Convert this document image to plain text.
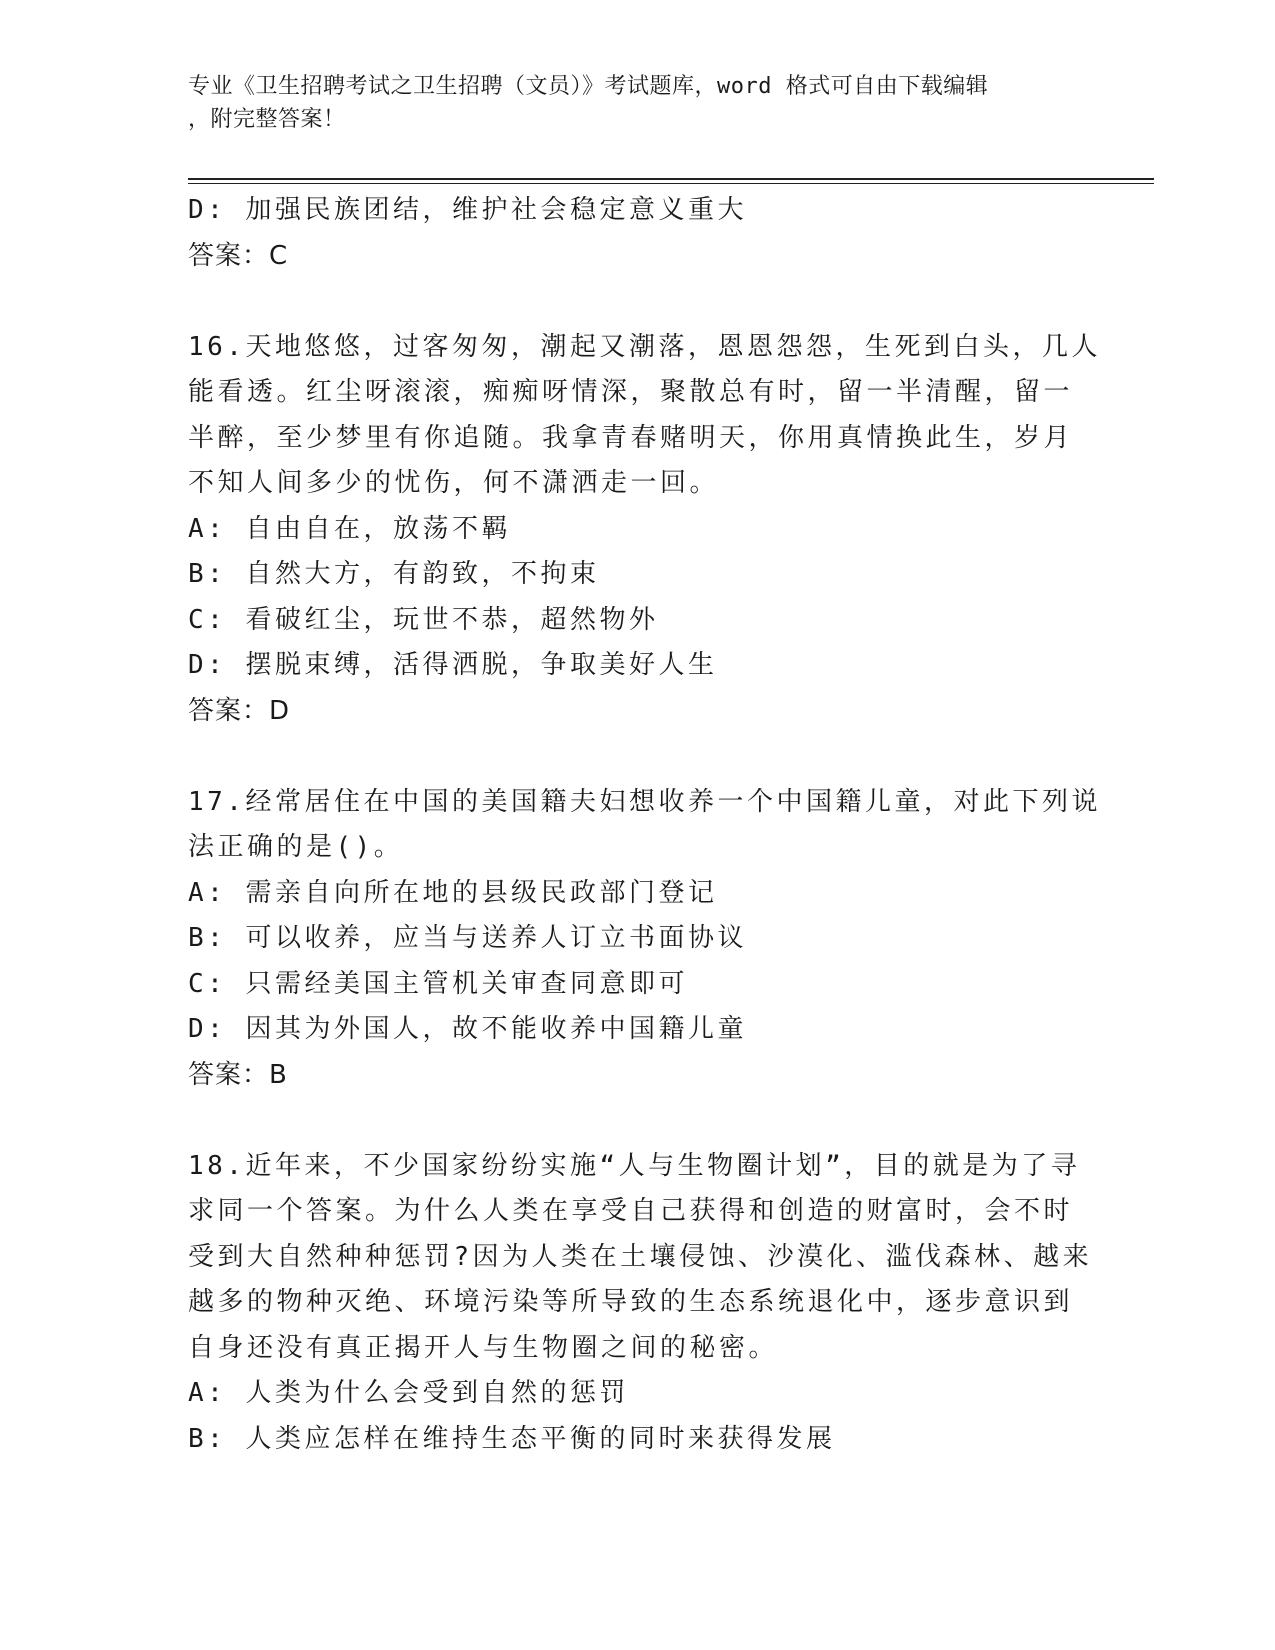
专业《卫生招聘考试之卫生招聘（文员）》考试题库，word 格式可自由下载编辑
，附完整答案！
D: 加强民族团结，维护社会稳定意义重大
答案：C
16.天地悠悠，过客匆匆，潮起又潮落，恩恩怨怨，生死到白头，几人
能看透。红尘呀滚滚，痴痴呀情深，聚散总有时，留一半清醒，留一
半醉，至少梦里有你追随。我拿青春赌明天，你用真情换此生，岁月
不知人间多少的忧伤，何不潇洒走一回。
A: 自由自在，放荡不羁
B: 自然大方，有韵致，不拘束
C: 看破红尘，玩世不恭，超然物外
D: 摆脱束缚，活得洒脱，争取美好人生
答案：D
17.经常居住在中国的美国籍夫妇想收养一个中国籍儿童，对此下列说
法正确的是()。
A: 需亲自向所在地的县级民政部门登记
B: 可以收养，应当与送养人订立书面协议
C: 只需经美国主管机关审查同意即可
D: 因其为外国人，故不能收养中国籍儿童
答案：B
18.近年来，不少国家纷纷实施“人与生物圈计划”，目的就是为了寻
求同一个答案。为什么人类在享受自己获得和创造的财富时，会不时
受到大自然种种惩罚?因为人类在土壤侵蚀、沙漠化、滥伐森林、越来
越多的物种灭绝、环境污染等所导致的生态系统退化中，逐步意识到
自身还没有真正揭开人与生物圈之间的秘密。
A: 人类为什么会受到自然的惩罚
B: 人类应怎样在维持生态平衡的同时来获得发展
